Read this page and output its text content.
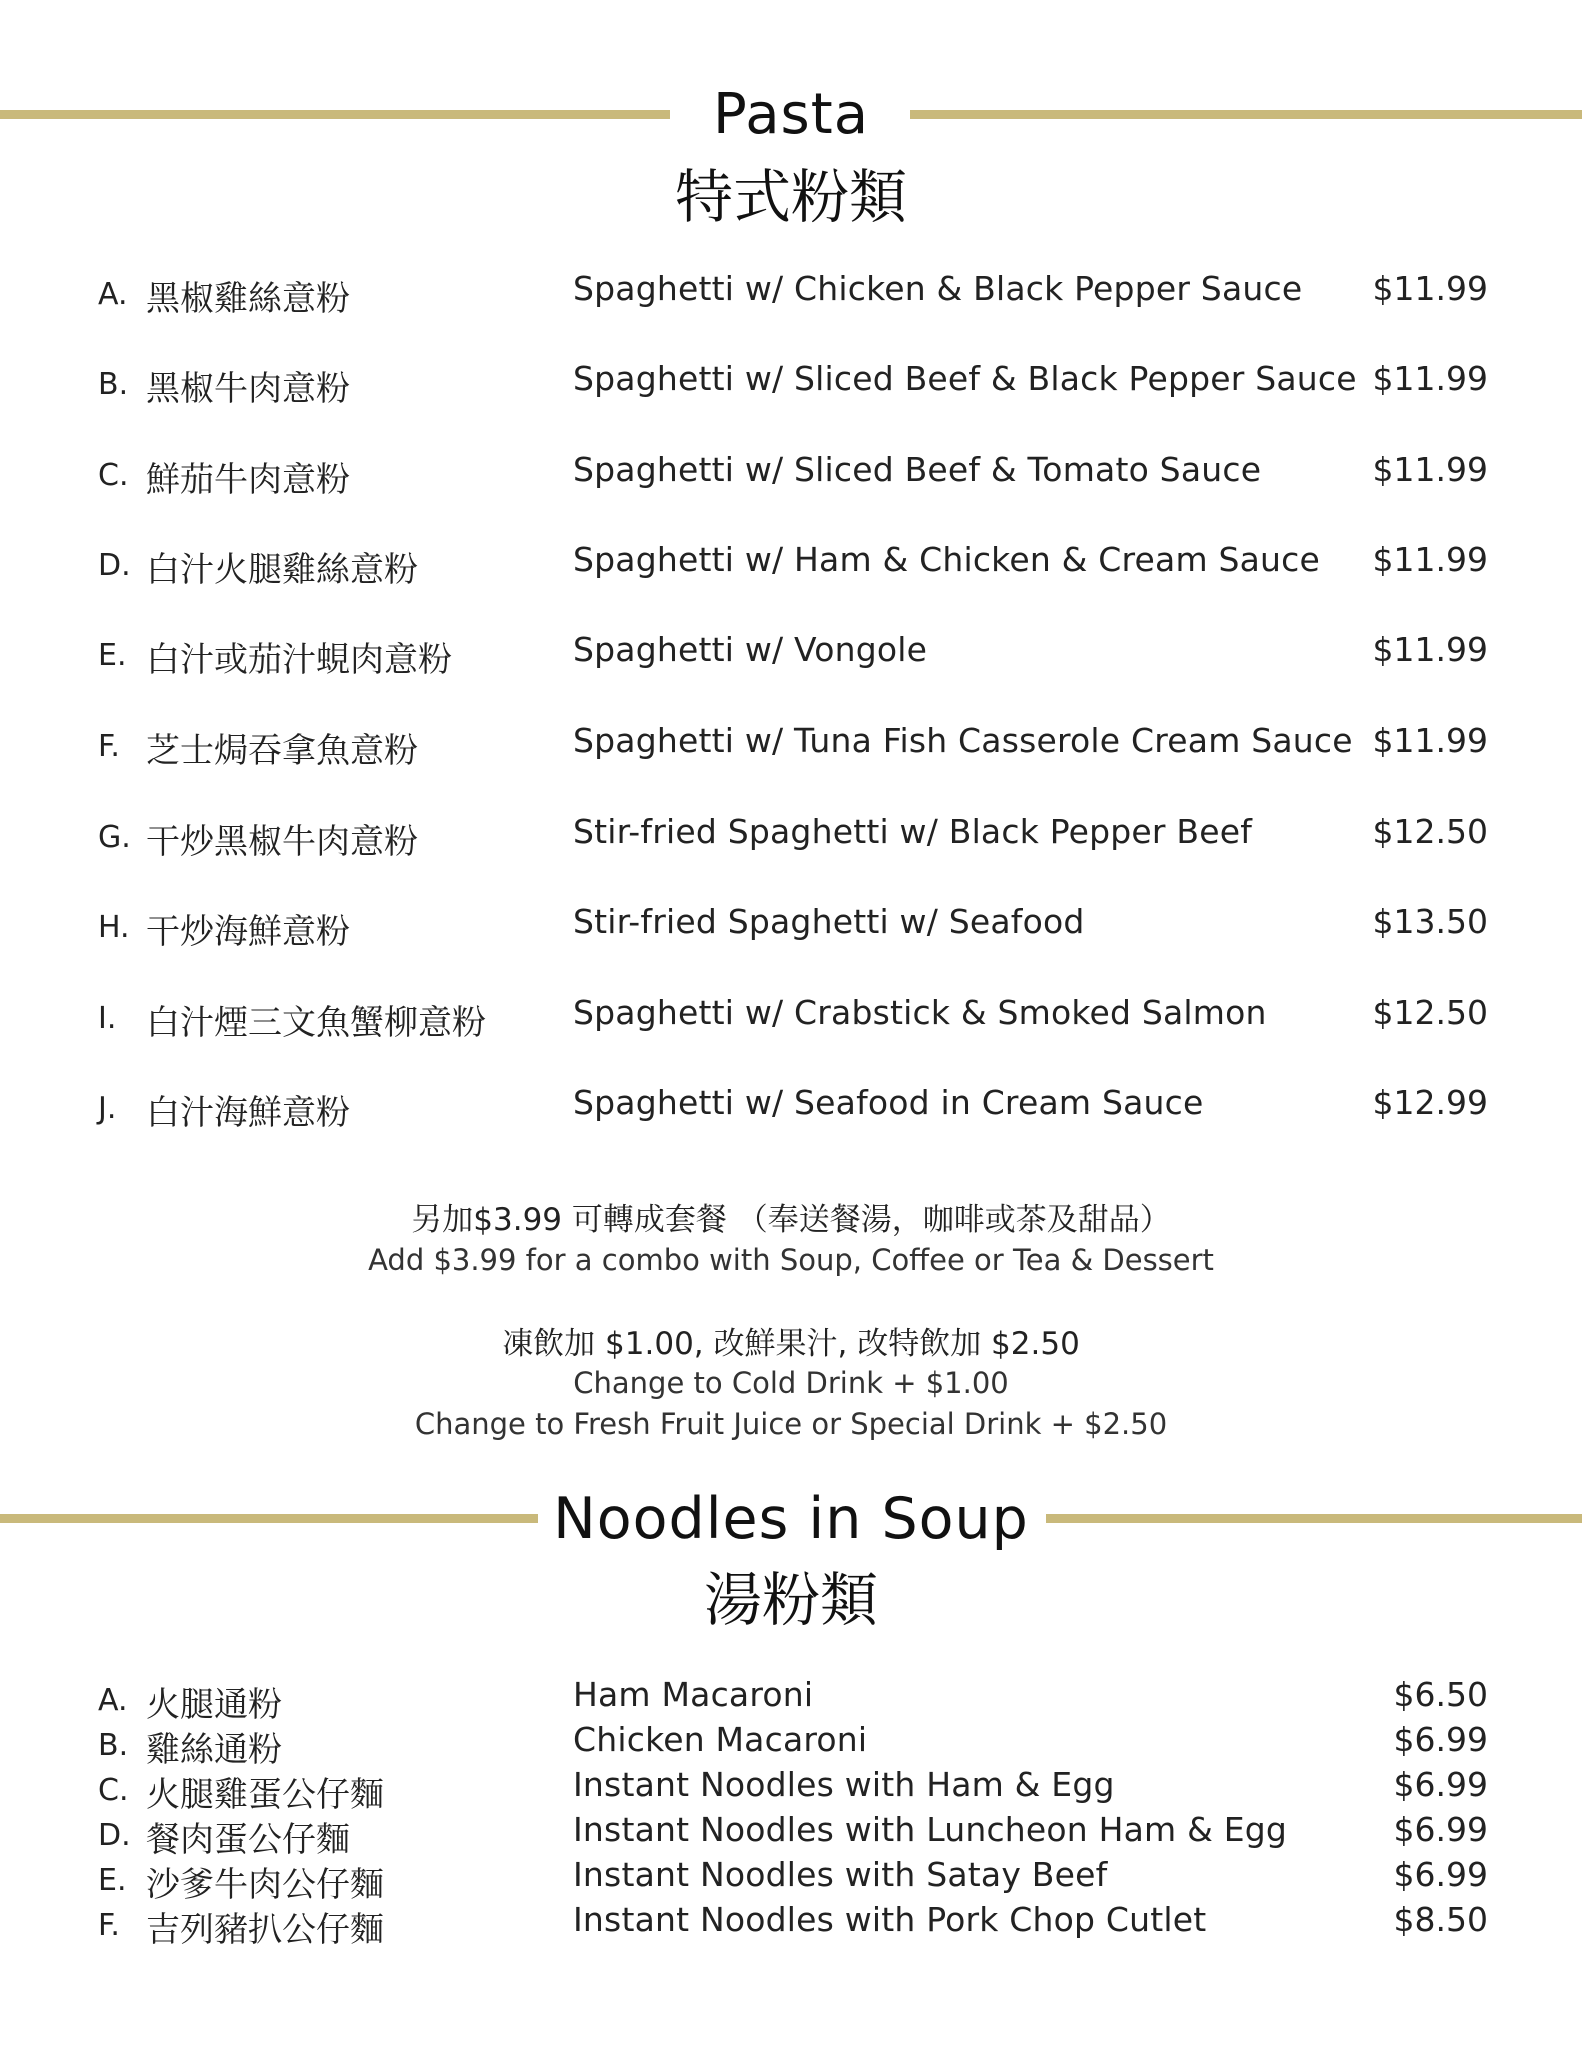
Pasta
特式粉類
A. 黑椒雞絲意粉	Spaghetti w/ Chicken & Black Pepper Sauce $11.99
B. 黑椒牛肉意粉	Spaghetti w/ Sliced Beef & Black Pepper Sauce $11.99
C. 鮮茄牛肉意粉	Spaghetti w/ Sliced Beef & Tomato Sauce	$11.99
D. 白汁火腿雞絲意粉	Spaghetti w/ Ham & Chicken & Cream Sauce $11.99
E. 白汁或茄汁蜆肉意粉	Spaghetti w/ Vongole	$11.99
F. 芝士焗吞拿魚意粉	Spaghetti w/ Tuna Fish Casserole Cream Sauce $11.99
G. 干炒黑椒牛肉意粉	Stir-fried Spaghetti w/ Black Pepper Beef	$12.50
H. 干炒海鮮意粉	Stir-fried Spaghetti w/ Seafood	$13.50
I. 白汁煙三文魚蟹柳意粉	Spaghetti w/ Crabstick & Smoked Salmon	$12.50
J. 白汁海鮮意粉	Spaghetti w/ Seafood in Cream Sauce	$12.99
另加$3.99 可轉成套餐 （奉送餐湯，咖啡或茶及甜品）
Add $3.99 for a combo with Soup, Coffee or Tea & Dessert
凍飲加 $1.00, 改鮮果汁, 改特飲加 $2.50
Change to Cold Drink + $1.00
Change to Fresh Fruit Juice or Special Drink + $2.50
Noodles in Soup
湯粉類
A. 火腿通粉	Ham Macaroni	$6.50
B. 雞絲通粉	Chicken Macaroni	$6.99
C. 火腿雞蛋公仔麵	Instant Noodles with Ham & Egg	$6.99
D. 餐肉蛋公仔麵	Instant Noodles with Luncheon Ham & Egg	$6.99
E. 沙爹牛肉公仔麵	Instant Noodles with Satay Beef	$6.99
F. 吉列豬扒公仔麵	Instant Noodles with Pork Chop Cutlet	$8.50
